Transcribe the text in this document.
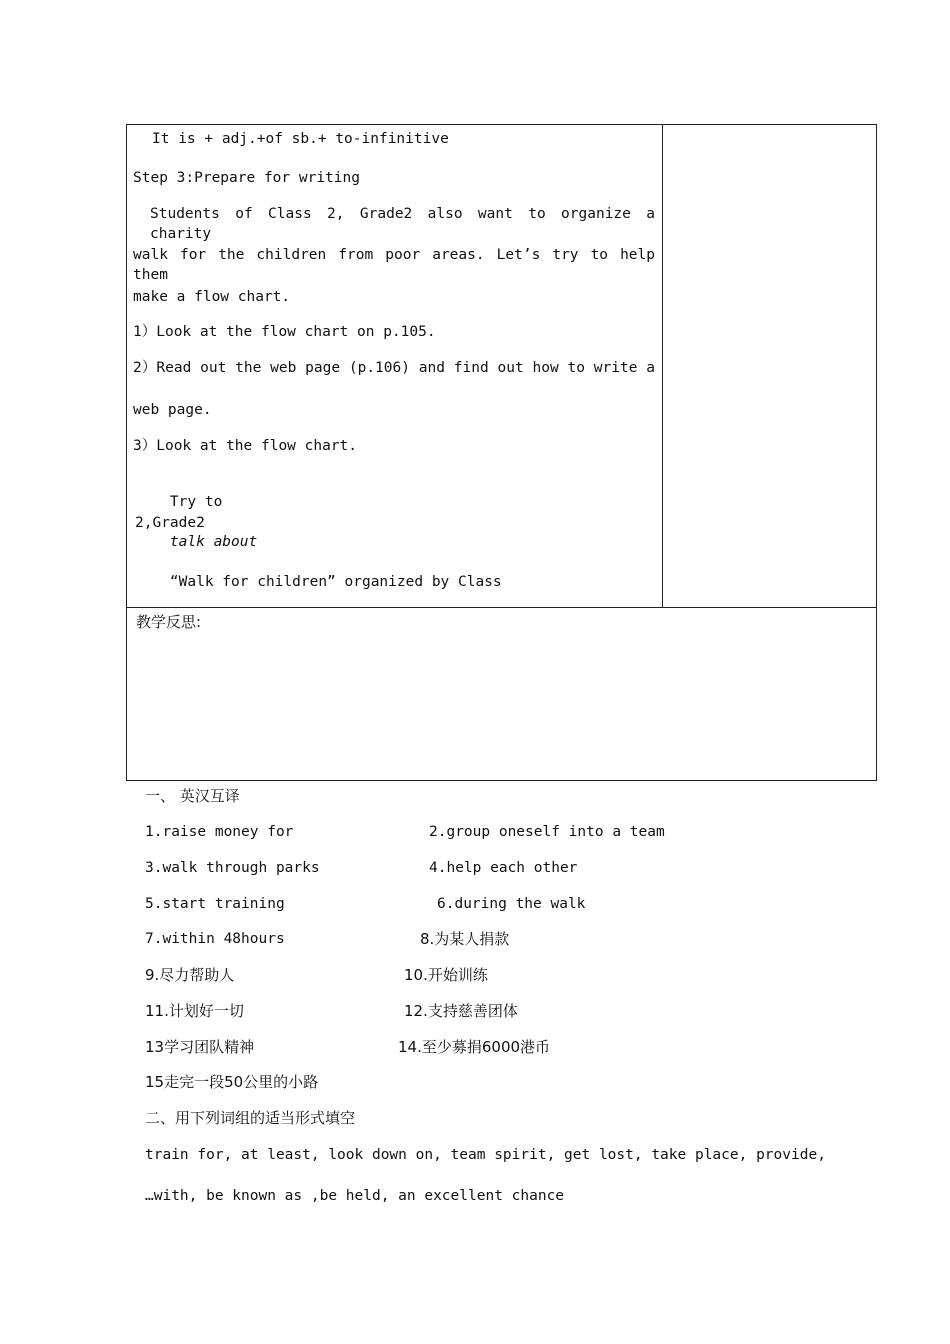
It is + adj.+of sb.+ to-infinitive
Step 3:Prepare for writing
Students of Class 2, Grade2 also want to organize a charity
walk for the children from poor areas. Let’s try to help them
make a flow chart.
1）Look at the flow chart on p.105.
2）Read out the web page (p.106) and find out how to write a
web page.
3）Look at the flow chart.

Try to

talk about

“Walk for children” organized by Class

2,Grade2
教学反思:
一、 英汉互译
1.raise money for	2.group oneself into a team
3.walk through parks	4.help each other
5.start training	6.during the walk
7.within 48hours	8.为某人捐款
9.尽力帮助人	10.开始训练
11.计划好一切	12.支持慈善团体
13学习团队精神	14.至少募捐6000港币
15走完一段50公里的小路
二、用下列词组的适当形式填空
train for, at least, look down on, team spirit, get lost, take place, provide,
…with, be known as ,be held, an excellent chance
